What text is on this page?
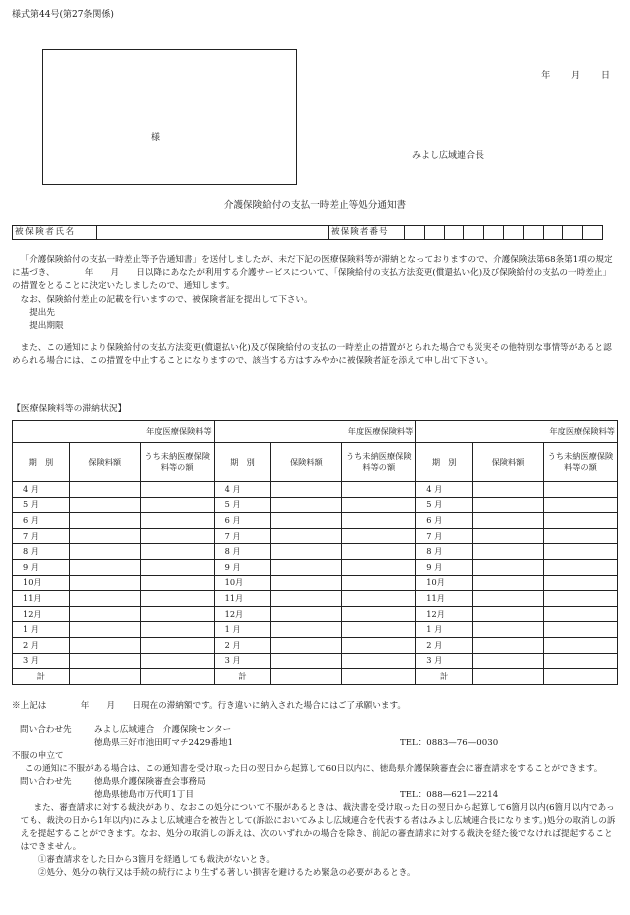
様式第44号(第27条関係)
様
年 月 日
みよし広域連合長
介護保険給付の支払一時差止等処分通知書
被保険者氏名		被保険者番号										

「介護保険給付の支払一時差止等予告通知書」を送付しましたが、未だ下記の医療保険料等が滞納となっておりますので、介護保険法第68条第1項の規定に基づき、　　　　年　　月　　日以降にあなたが利用する介護サービスについて、「保険給付の支払方法変更(償還払い化)及び保険給付の支払の一時差止」の措置をとることに決定いたしましたので、通知します。

なお、保険給付差止の記載を行いますので、被保険者証を提出して下さい。

提出先

提出期限

また、この通知により保険給付の支払方法変更(償還払い化)及び保険給付の支払の一時差止の措置がとられた場合でも災実その他特別な事情等があると認められる場合には、この措置を中止することになりますので、該当する方はすみやかに被保険者証を添えて申し出て下さい。

【医療保険料等の滞納状況】
年度医療保険料等			年度医療保険料等			年度医療保険料等		
期　別	保険料額	うち未納医療保険料等の額	期　別	保険料額	うち未納医療保険料等の額	期　別	保険料額	うち未納医療保険料等の額
4 月			4 月			4 月		
5 月			5 月			5 月		
6 月			6 月			6 月		
7 月			7 月			7 月		
8 月			8 月			8 月		
9 月			9 月			9 月		
10月			10月			10月		
11月			11月			11月		
12月			12月			12月		
1 月			1 月			1 月		
2 月			2 月			2 月		
3 月			3 月			3 月		
計			計			計		

※上記は　　　　年　　月　　日現在の滞納額です。行き違いに納入された場合にはご了承願います。

問い合わせ先	みよし広域連合　介護保険センター
徳島県三好市池田町マチ2429番地1	TEL：0883—76—0030

不服の申立て

この通知に不服がある場合は、この通知書を受け取った日の翌日から起算して60日以内に、徳島県介護保険審査会に審査請求をすることができます。

問い合わせ先	徳島県介護保険審査会事務局
徳島県徳島市万代町1丁目	TEL：088—621—2214

また、審査請求に対する裁決があり、なおこの処分について不服があるときは、裁決書を受け取った日の翌日から起算して6箇月以内(6箇月以内であっても、裁決の日から1年以内)にみよし広域連合を被告として(訴訟においてみよし広域連合を代表する者はみよし広域連合長になります。)処分の取消しの訴えを提起することができます。なお、処分の取消しの訴えは、次のいずれかの場合を除き、前記の審査請求に対する裁決を経た後でなければ提起することはできません。

①審査請求をした日から3箇月を経過しても裁決がないとき。

②処分、処分の執行又は手続の続行により生ずる著しい損害を避けるため緊急の必要があるとき。
